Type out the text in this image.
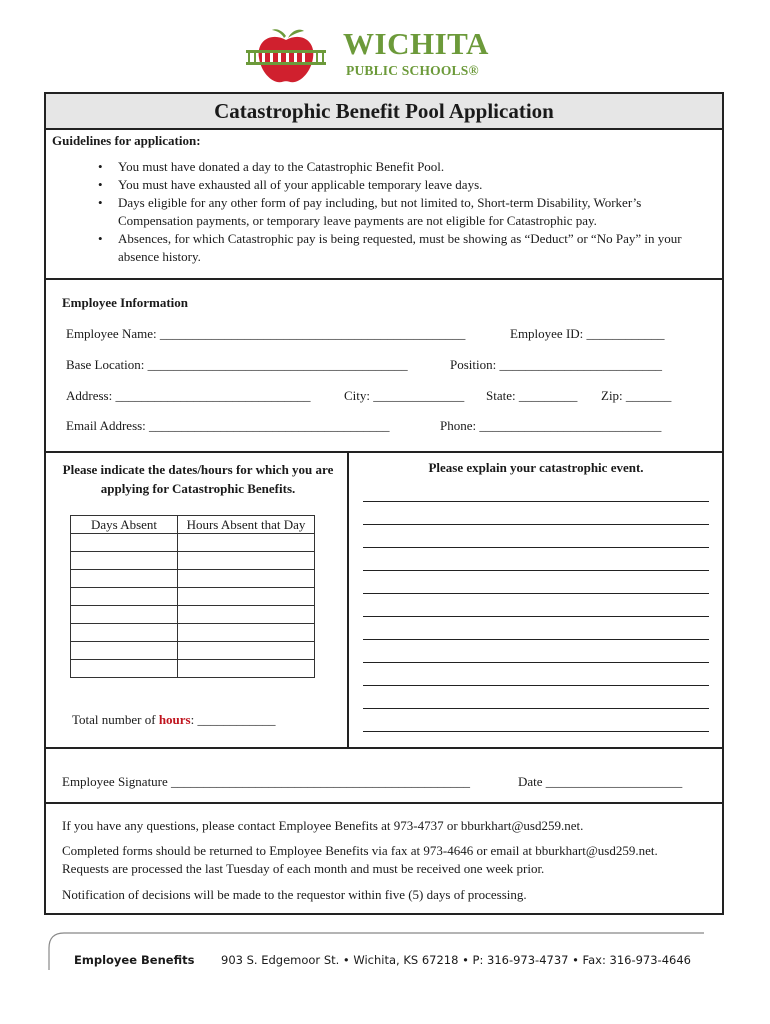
WICHITA
PUBLIC SCHOOLS®
Catastrophic Benefit Pool Application
Guidelines for application:
• You must have donated a day to the Catastrophic Benefit Pool.
• You must have exhausted all of your applicable temporary leave days.
• Days eligible for any other form of pay including, but not limited to, Short-term Disability, Worker’s Compensation payments, or temporary leave payments are not eligible for Catastrophic pay.
• Absences, for which Catastrophic pay is being requested, must be showing as “Deduct” or “No Pay” in your absence history.
Employee Information
Employee Name: _______________________________________________	Employee ID: ____________
Base Location: ________________________________________	Position: _________________________
Address: ______________________________	City: ______________ State: _________ Zip: _______
Email Address: _____________________________________	Phone: ____________________________
Please indicate the dates/hours for which you are applying for Catastrophic Benefits.
Days Absent	Hours Absent that Day

Total number of hours: ____________
Please explain your catastrophic event.
Employee Signature ______________________________________________	Date _____________________
If you have any questions, please contact Employee Benefits at 973-4737 or bburkhart@usd259.net.
Completed forms should be returned to Employee Benefits via fax at 973-4646 or email at bburkhart@usd259.net.
Requests are processed the last Tuesday of each month and must be received one week prior.
Notification of decisions will be made to the requestor within five (5) days of processing.
Employee Benefits 903 S. Edgemoor St. • Wichita, KS 67218 • P: 316-973-4737 • Fax: 316-973-4646
